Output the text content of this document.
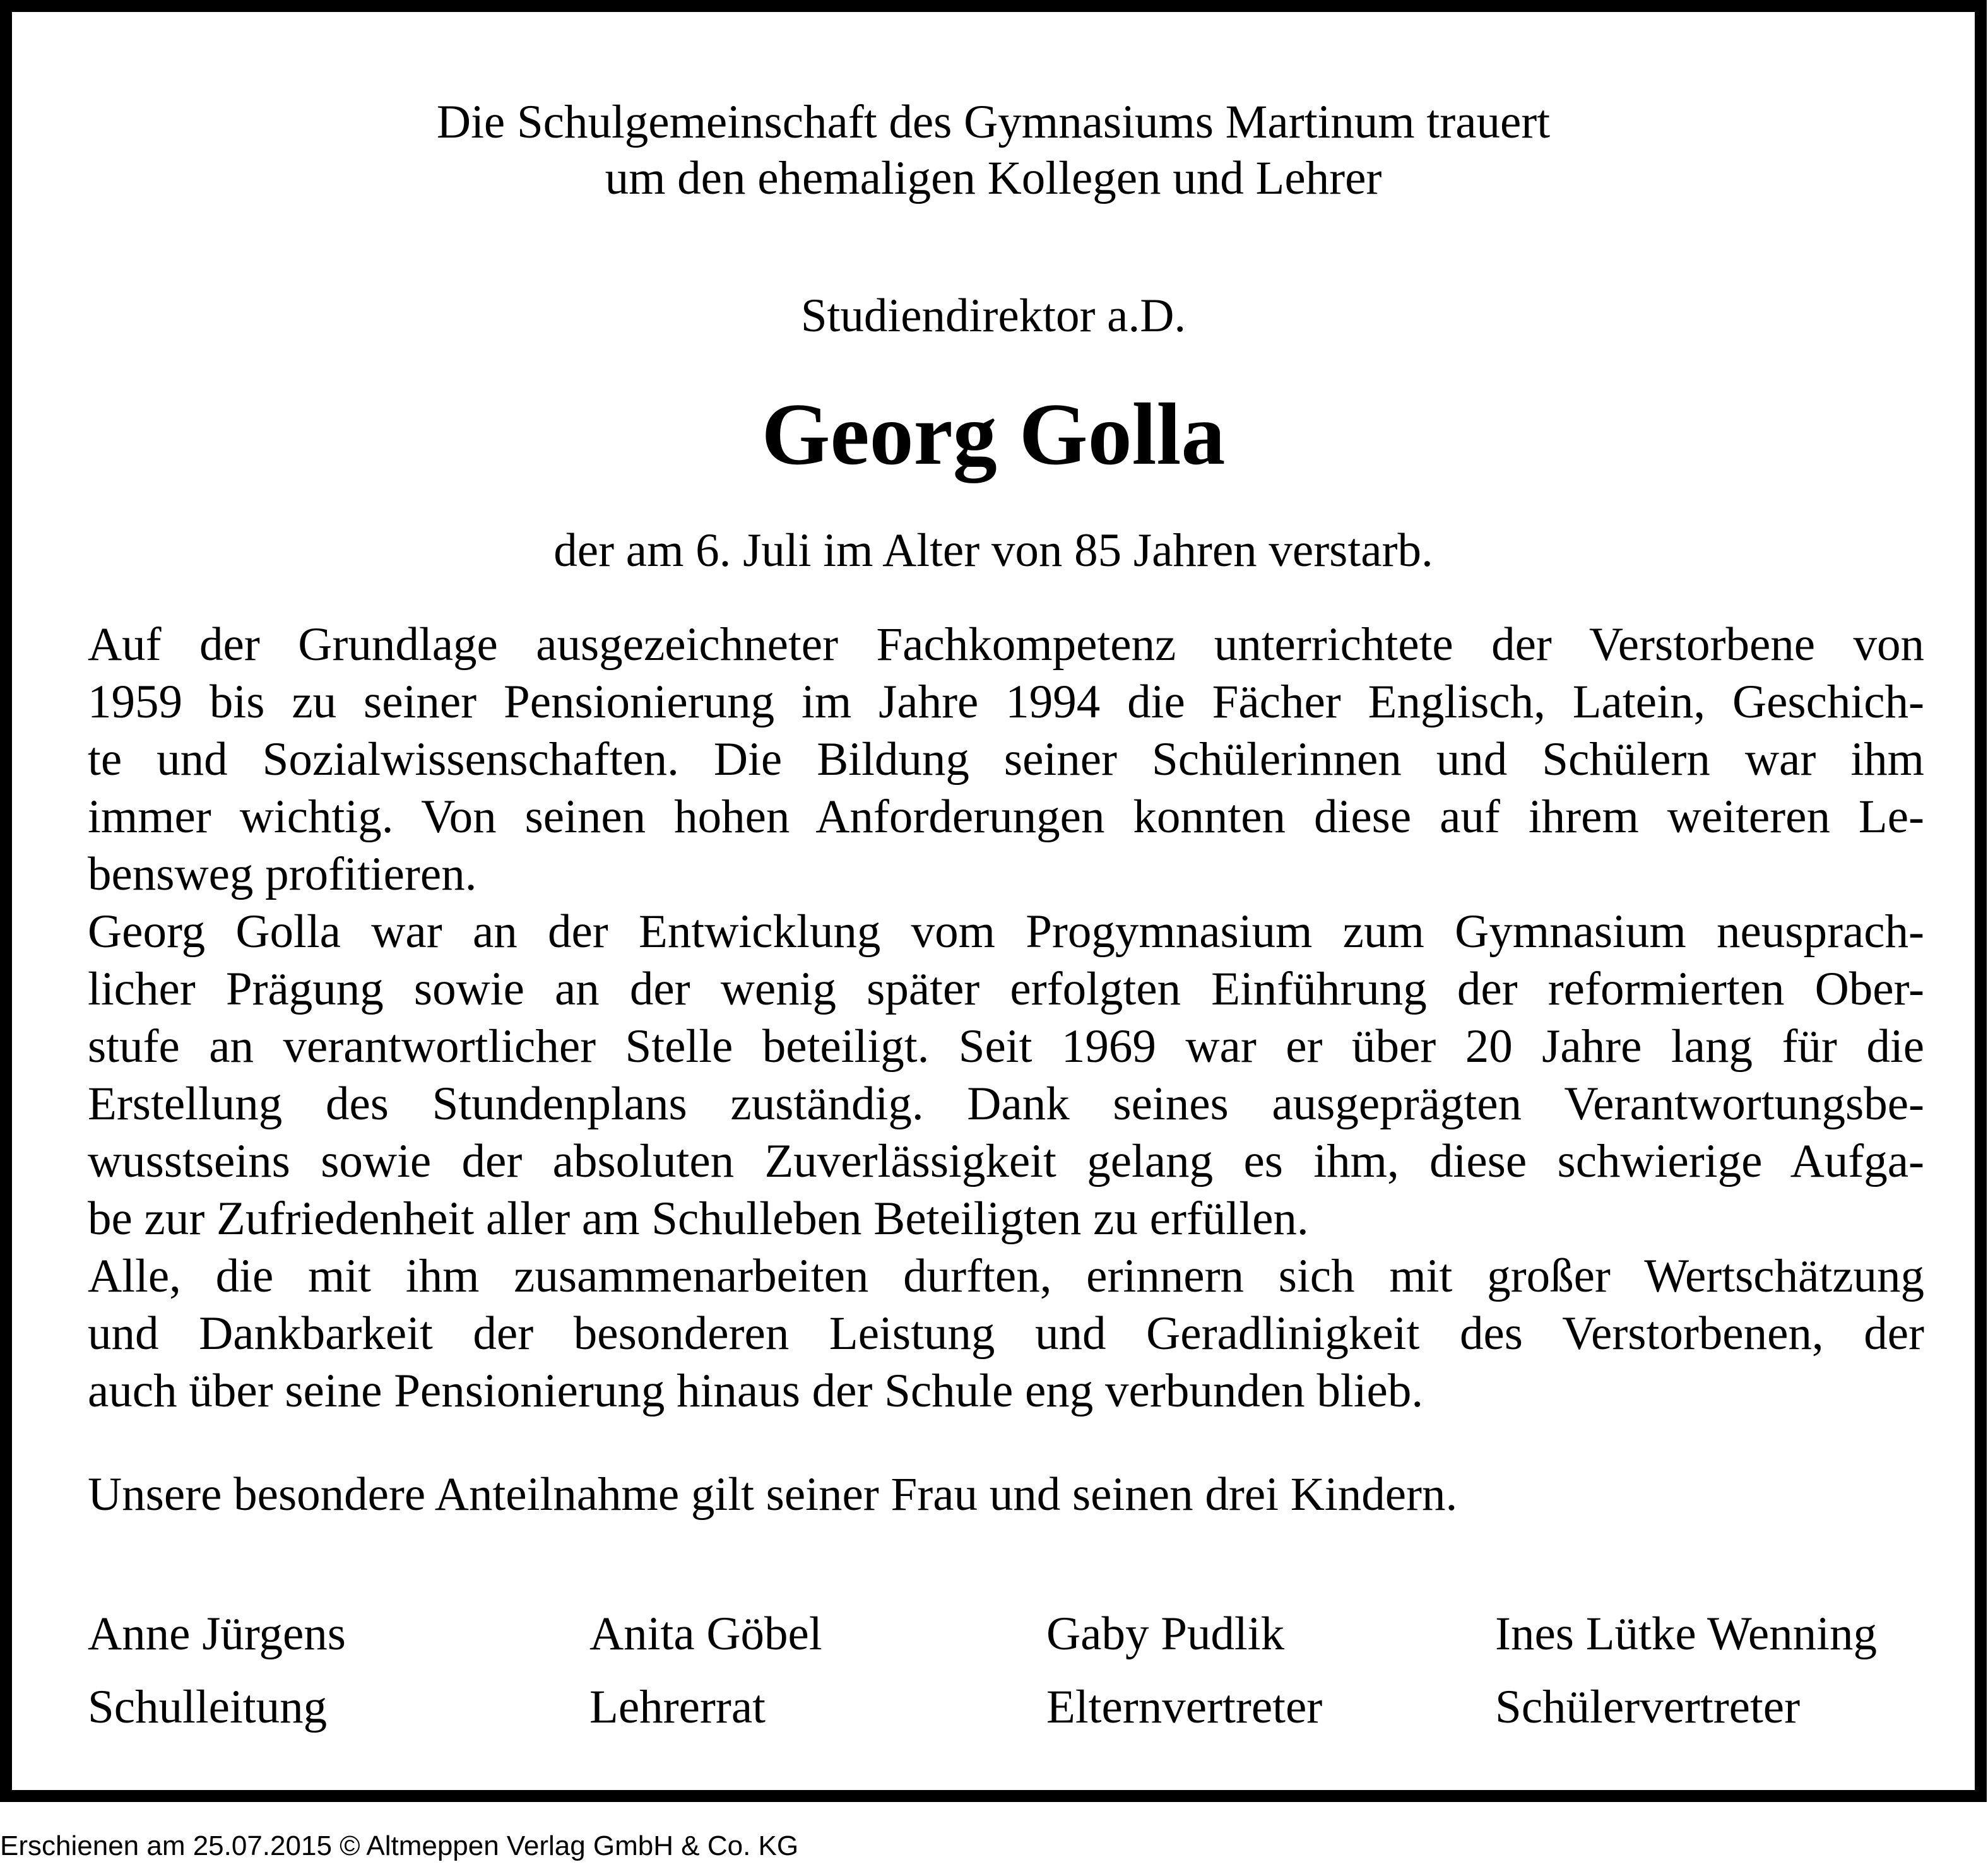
Die Schulgemeinschaft des Gymnasiums Martinum trauert

um den ehemaligen Kollegen und Lehrer

Studiendirektor a.D.

Georg Golla

der am 6. Juli im Alter von 85 Jahren verstarb.

Auf der Grundlage ausgezeichneter Fachkompetenz unterrichtete der Verstorbene von
1959 bis zu seiner Pensionierung im Jahre 1994 die Fächer Englisch, Latein, Geschich-
te und Sozialwissenschaften. Die Bildung seiner Schülerinnen und Schülern war ihm
immer wichtig. Von seinen hohen Anforderungen konnten diese auf ihrem weiteren Le-
bensweg profitieren.
Georg Golla war an der Entwicklung vom Progymnasium zum Gymnasium neusprach-
licher Prägung sowie an der wenig später erfolgten Einführung der reformierten Ober-
stufe an verantwortlicher Stelle beteiligt. Seit 1969 war er über 20 Jahre lang für die
Erstellung des Stundenplans zuständig. Dank seines ausgeprägten Verantwortungsbe-
wusstseins sowie der absoluten Zuverlässigkeit gelang es ihm, diese schwierige Aufga-
be zur Zufriedenheit aller am Schulleben Beteiligten zu erfüllen.
Alle, die mit ihm zusammenarbeiten durften, erinnern sich mit großer Wertschätzung
und Dankbarkeit der besonderen Leistung und Geradlinigkeit des Verstorbenen, der
auch über seine Pensionierung hinaus der Schule eng verbunden blieb.

Unsere besondere Anteilnahme gilt seiner Frau und seinen drei Kindern.

Anne Jürgens
Schulleitung
Anita Göbel
Lehrerrat
Gaby Pudlik
Elternvertreter
Ines Lütke Wenning
Schülervertreter

Erschienen am 25.07.2015 © Altmeppen Verlag GmbH & Co. KG
